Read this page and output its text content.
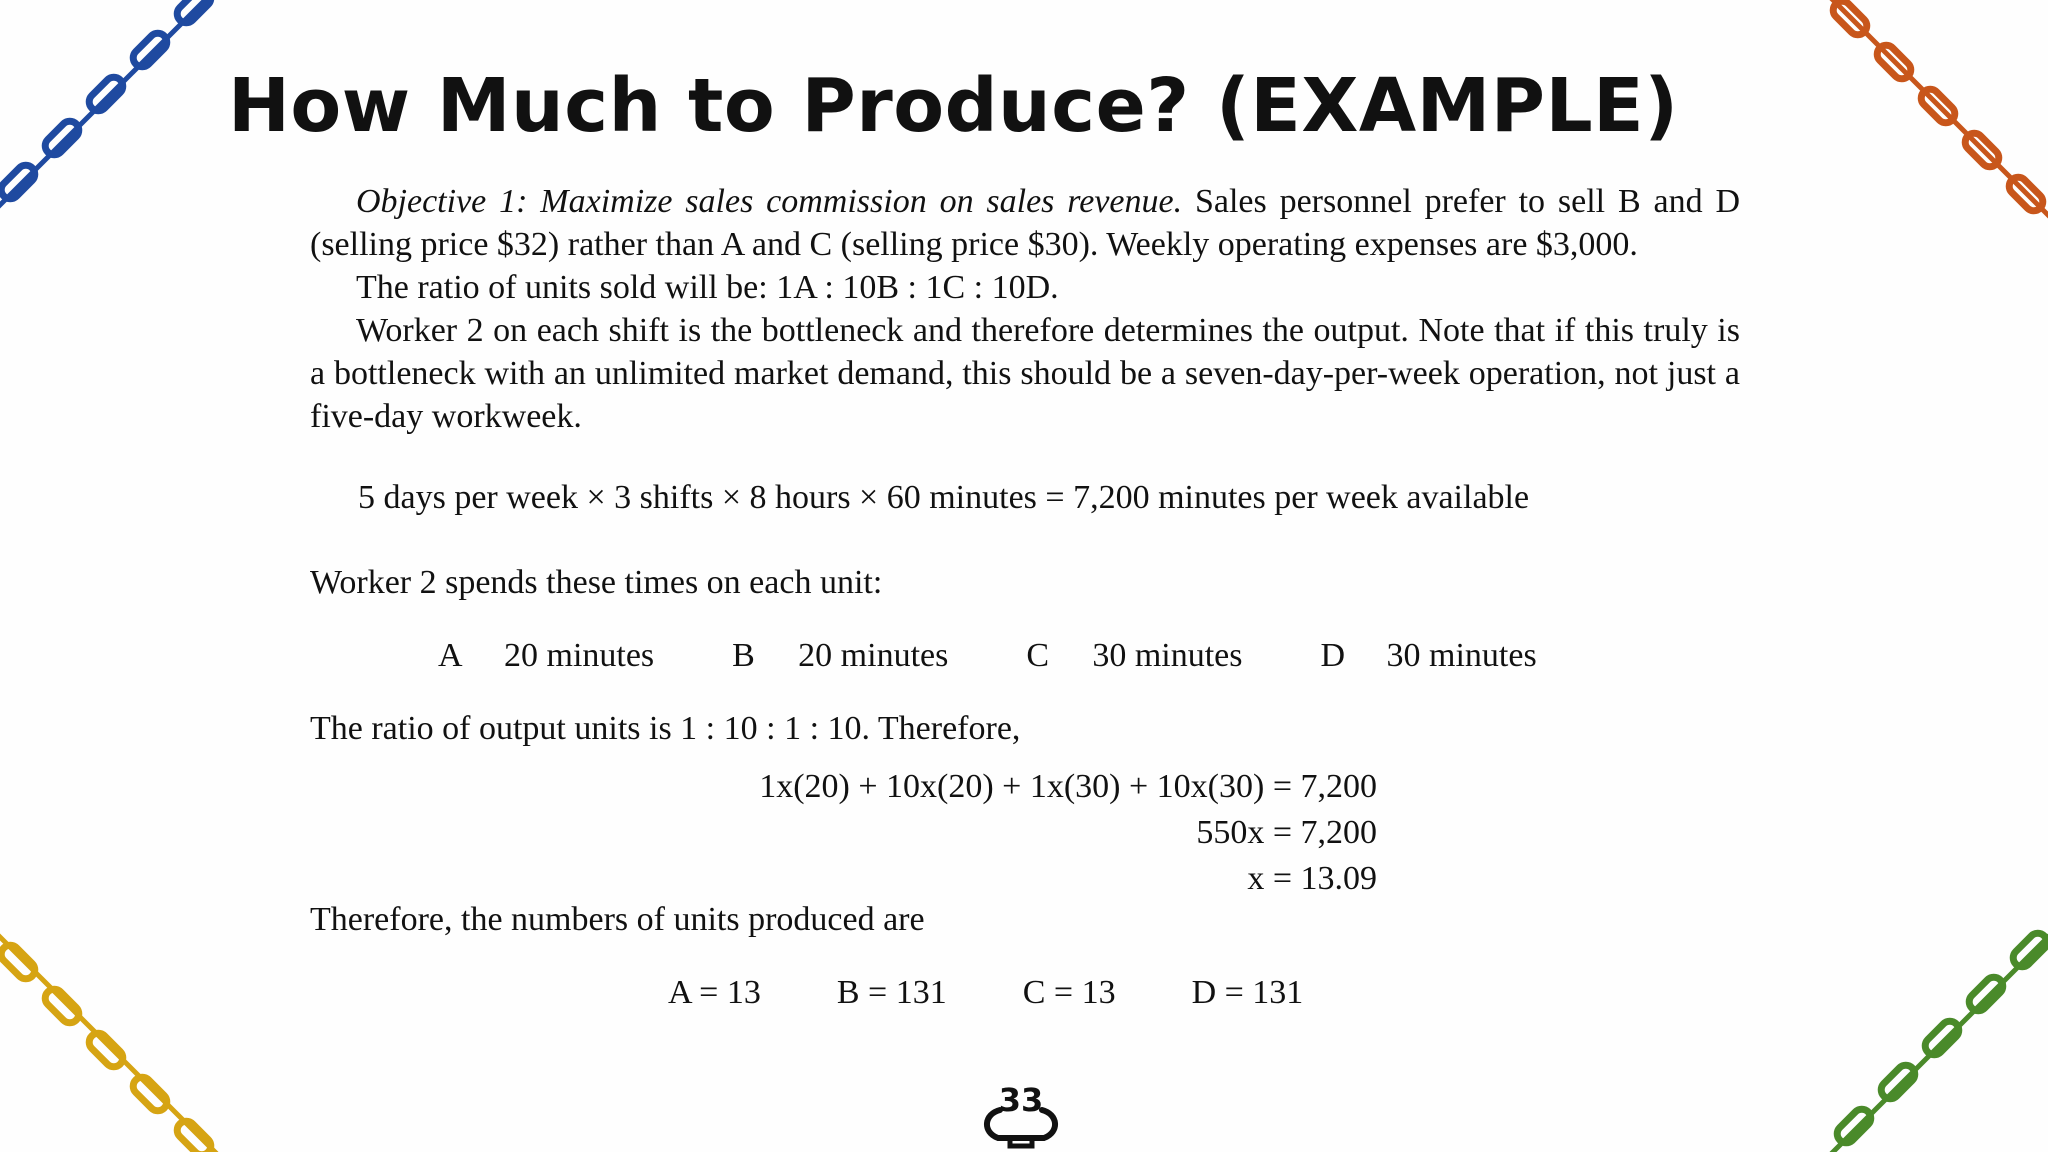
How Much to Produce? (EXAMPLE)

Objective 1: Maximize sales commission on sales revenue. Sales personnel prefer to sell B and D (selling price $32) rather than A and C (selling price $30). Weekly operating expenses are $3,000.

The ratio of units sold will be: 1A : 10B : 1C : 10D.

Worker 2 on each shift is the bottleneck and therefore determines the output. Note that if this truly is a bottleneck with an unlimited market demand, this should be a seven-day-per-week operation, not just a five-day workweek.

5 days per week × 3 shifts × 8 hours × 60 minutes = 7,200 minutes per week available
Worker 2 spends these times on each unit:
A	20 minutes B	20 minutes C	30 minutes D	30 minutes
The ratio of output units is 1 : 10 : 1 : 10. Therefore,
1x(20) + 10x(20) + 1x(30) + 10x(30) = 7,200
550x = 7,200
x = 13.09
Therefore, the numbers of units produced are
A = 13 B = 131 C = 13 D = 131
33
